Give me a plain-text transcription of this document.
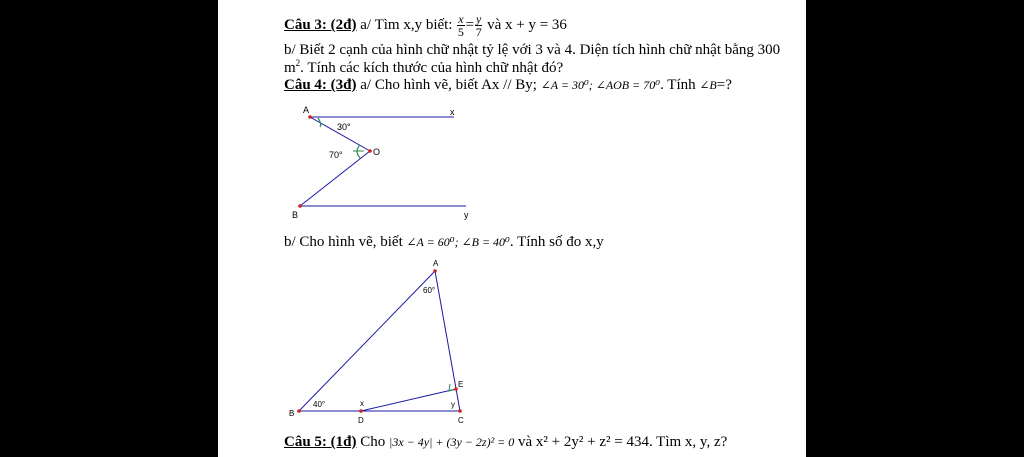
Câu 3: (2đ) a/ Tìm x,y biết: $\frac{x}{5} = \frac{y}{7}$ và x + y = 36
b/ Biết 2 cạnh của hình chữ nhật tỷ lệ với 3 và 4. Diện tích hình chữ nhật bằng 300
$m^2$. Tính các kích thước của hình chữ nhật đó?
Câu 4: (3đ) a/ Cho hình vẽ, biết Ax // By; ∠A = 30⁰; ∠AOB = 70⁰. Tính ∠B=?
A	x
O
B	y
30°
70°
b/ Cho hình vẽ, biết ∠A = 60⁰; ∠B = 40⁰. Tính số đo x,y
A
B
C
D
E
60°
40°	x	y
Câu 5: (1đ) Cho |3x − 4y| + (3y − 2z)² = 0 và x² + 2y² + z² = 434. Tìm x, y, z?
